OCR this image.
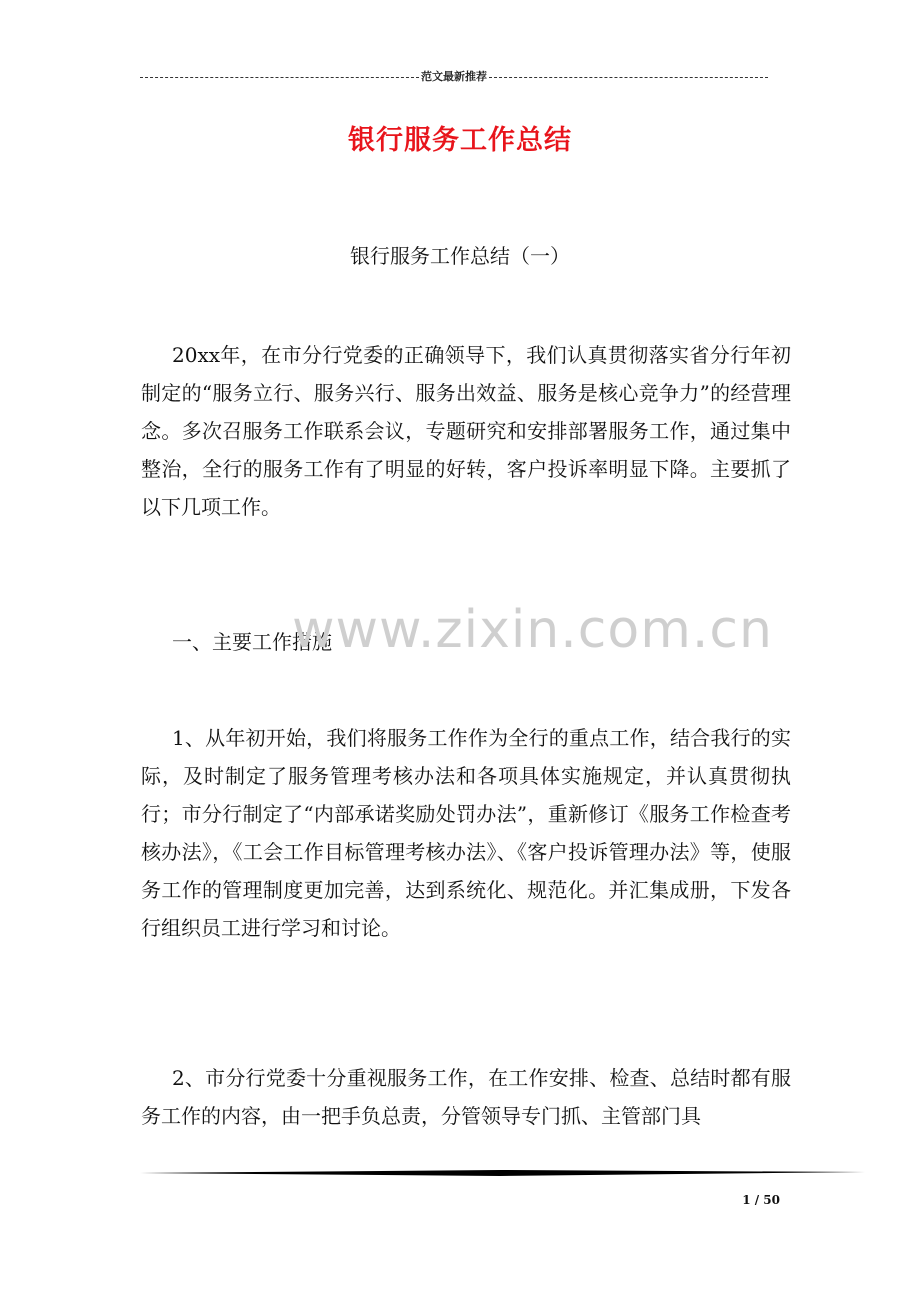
范文最新推荐
银行服务工作总结
银行服务工作总结（一）

20xx年，在市分行党委的正确领导下，我们认真贯彻落实省分行年初制定的“服务立行、服务兴行、服务出效益、服务是核心竞争力”的经营理念。多次召服务工作联系会议，专题研究和安排部署服务工作，通过集中整治，全行的服务工作有了明显的好转，客户投诉率明显下降。主要抓了以下几项工作。

一、主要工作措施

1、从年初开始，我们将服务工作作为全行的重点工作，结合我行的实际，及时制定了服务管理考核办法和各项具体实施规定，并认真贯彻执行；市分行制定了“内部承诺奖励处罚办法”，重新修订《服务工作检查考核办法》，《工会工作目标管理考核办法》、《客户投诉管理办法》等，使服务工作的管理制度更加完善，达到系统化、规范化。并汇集成册，下发各行组织员工进行学习和讨论。

2、市分行党委十分重视服务工作，在工作安排、检查、总结时都有服务工作的内容，由一把手负总责，分管领导专门抓、主管部门具

www.zixin.com.cn
1 / 50
